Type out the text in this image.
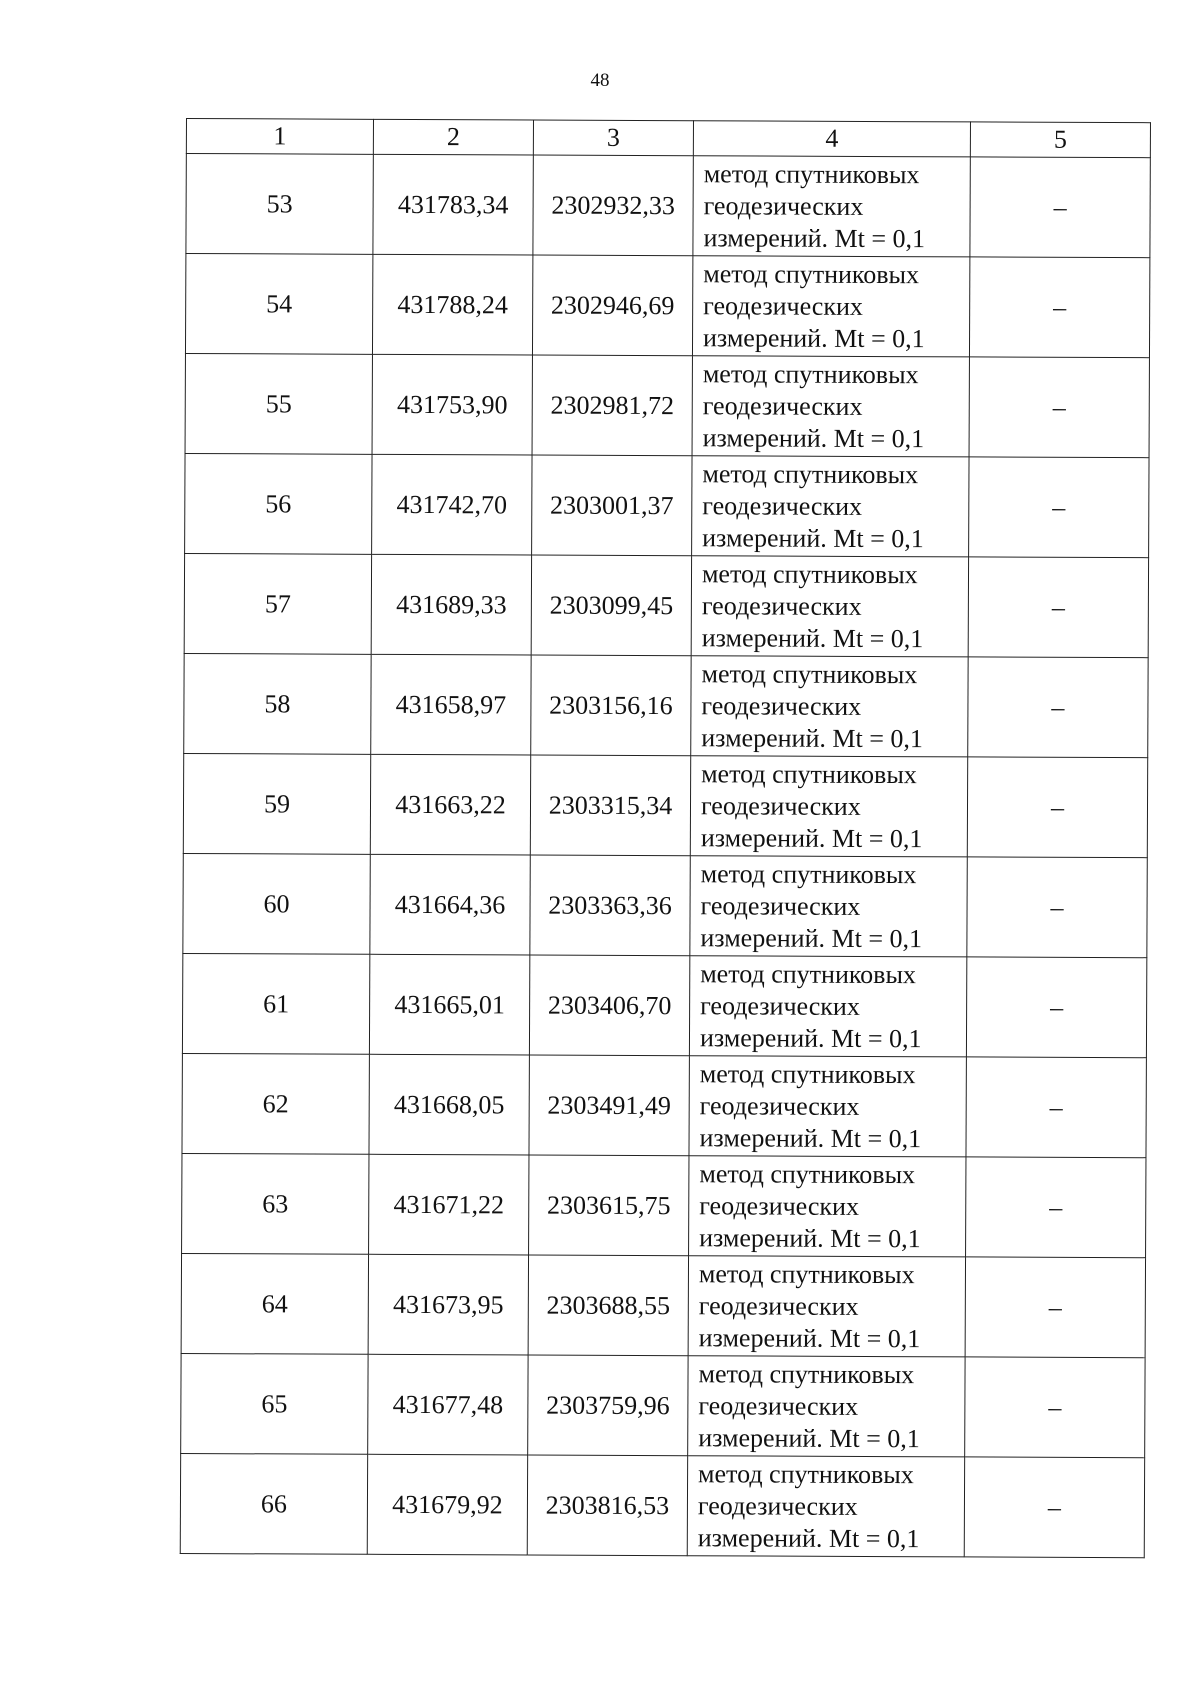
48
1	2	3	4	5
53	431783,34	2302932,33	метод спутниковых
геодезических
измерений. Mt = 0,1	–
54	431788,24	2302946,69	метод спутниковых
геодезических
измерений. Mt = 0,1	–
55	431753,90	2302981,72	метод спутниковых
геодезических
измерений. Mt = 0,1	–
56	431742,70	2303001,37	метод спутниковых
геодезических
измерений. Mt = 0,1	–
57	431689,33	2303099,45	метод спутниковых
геодезических
измерений. Mt = 0,1	–
58	431658,97	2303156,16	метод спутниковых
геодезических
измерений. Mt = 0,1	–
59	431663,22	2303315,34	метод спутниковых
геодезических
измерений. Mt = 0,1	–
60	431664,36	2303363,36	метод спутниковых
геодезических
измерений. Mt = 0,1	–
61	431665,01	2303406,70	метод спутниковых
геодезических
измерений. Mt = 0,1	–
62	431668,05	2303491,49	метод спутниковых
геодезических
измерений. Mt = 0,1	–
63	431671,22	2303615,75	метод спутниковых
геодезических
измерений. Mt = 0,1	–
64	431673,95	2303688,55	метод спутниковых
геодезических
измерений. Mt = 0,1	–
65	431677,48	2303759,96	метод спутниковых
геодезических
измерений. Mt = 0,1	–
66	431679,92	2303816,53	метод спутниковых
геодезических
измерений. Mt = 0,1	–
